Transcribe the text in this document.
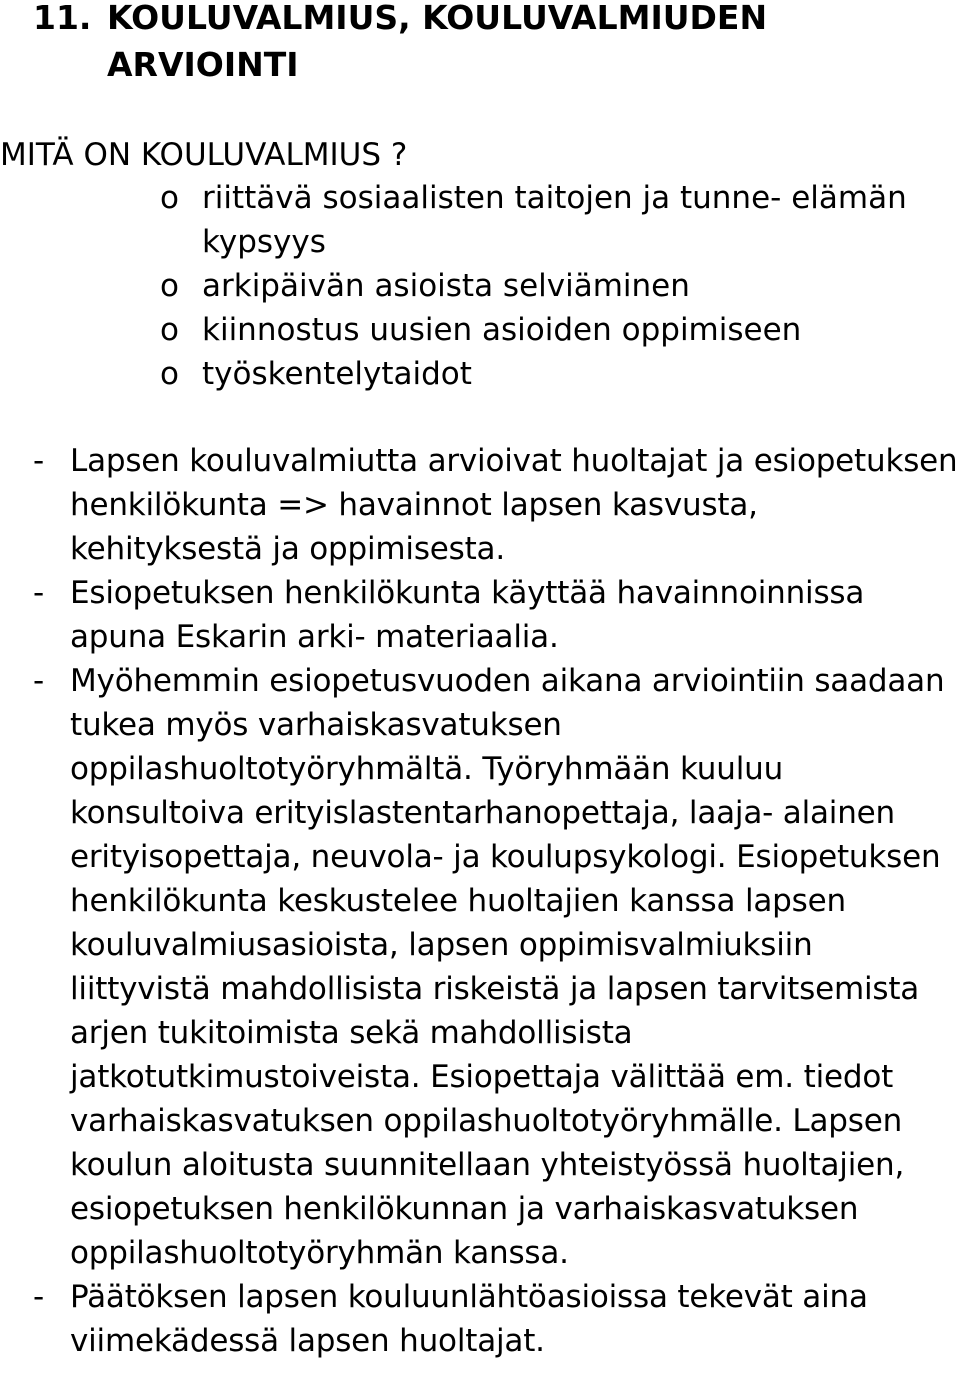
11. KOULUVALMIUS, KOULUVALMIUDEN ARVIOINTI

MITÄ ON KOULUVALMIUS ?

o riittävä sosiaalisten taitojen ja tunne- elämän kypsyys
o arkipäivän asioista selviäminen
o kiinnostus uusien asioiden oppimiseen
o työskentelytaidot
- Lapsen kouluvalmiutta arvioivat huoltajat ja esiopetuksen henkilökunta => havainnot lapsen kasvusta, kehityksestä ja oppimisesta.
- Esiopetuksen henkilökunta käyttää havainnoinnissa apuna Eskarin arki- materiaalia.
- Myöhemmin esiopetusvuoden aikana arviointiin saadaan tukea myös varhaiskasvatuksen oppilashuoltotyöryhmältä. Työryhmään kuuluu konsultoiva erityislastentarhanopettaja, laaja- alainen erityisopettaja, neuvola- ja koulupsykologi. Esiopetuksen henkilökunta keskustelee huoltajien kanssa lapsen kouluvalmiusasioista, lapsen oppimisvalmiuksiin liittyvistä mahdollisista riskeistä ja lapsen tarvitsemista arjen tukitoimista sekä mahdollisista jatkotutkimustoiveista. Esiopettaja välittää em. tiedot varhaiskasvatuksen oppilashuoltotyöryhmälle. Lapsen koulun aloitusta suunnitellaan yhteistyössä huoltajien, esiopetuksen henkilökunnan ja varhaiskasvatuksen oppilashuoltotyöryhmän kanssa.
- Päätöksen lapsen kouluunlähtöasioissa tekevät aina viimekädessä lapsen huoltajat.
